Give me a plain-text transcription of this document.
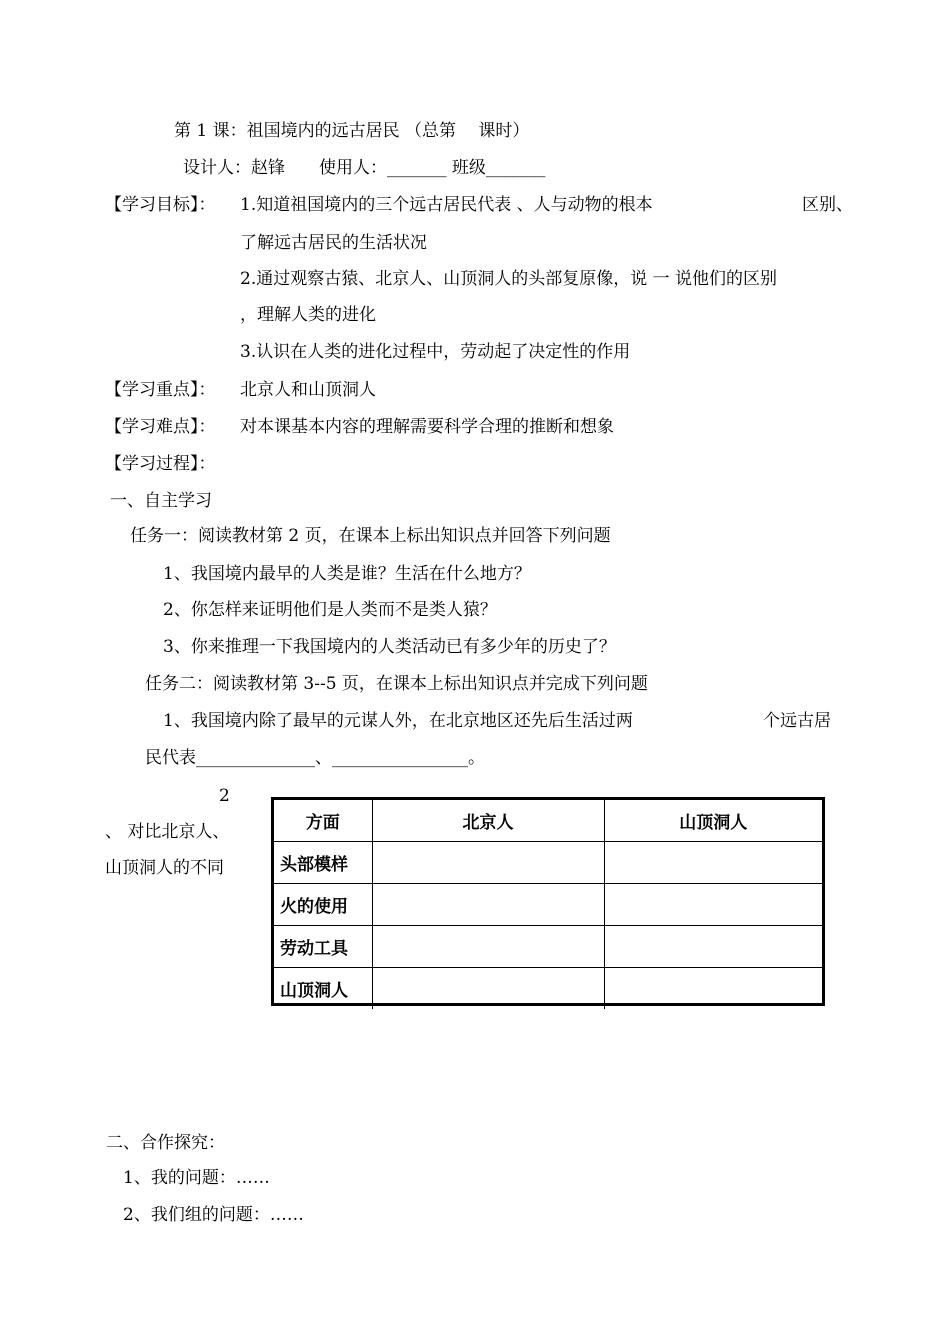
第 1 课：祖国境内的远古居民 （总第　 课时）
设计人：赵锋　　使用人：_______ 班级_______
【学习目标】： 1.知道祖国境内的三个远古居民代表 、人与动物的根本	区别、
了解远古居民的生活状况
2.通过观察古猿、北京人、山顶洞人的头部复原像，说 一 说他们的区别
，理解人类的进化
3.认识在人类的进化过程中，劳动起了决定性的作用
【学习重点】： 北京人和山顶洞人
【学习难点】： 对本课基本内容的理解需要科学合理的推断和想象
【学习过程】：
一、自主学习
任务一：阅读教材第 2 页，在课本上标出知识点并回答下列问题
1、我国境内最早的人类是谁？生活在什么地方？
2、你怎样来证明他们是人类而不是类人猿？
3、你来推理一下我国境内的人类活动已有多少年的历史了？
任务二：阅读教材第 3--5 页，在课本上标出知识点并完成下列问题
1、我国境内除了最早的元谋人外，在北京地区还先后生活过两	个远古居
民代表______________、________________。
2
、 对比北京人、
山顶洞人的不同
方面	北京人	山顶洞人
头部模样		
火的使用		
劳动工具		
山顶洞人		
二、合作探究：
1、我的问题：……
2、我们组的问题：……
